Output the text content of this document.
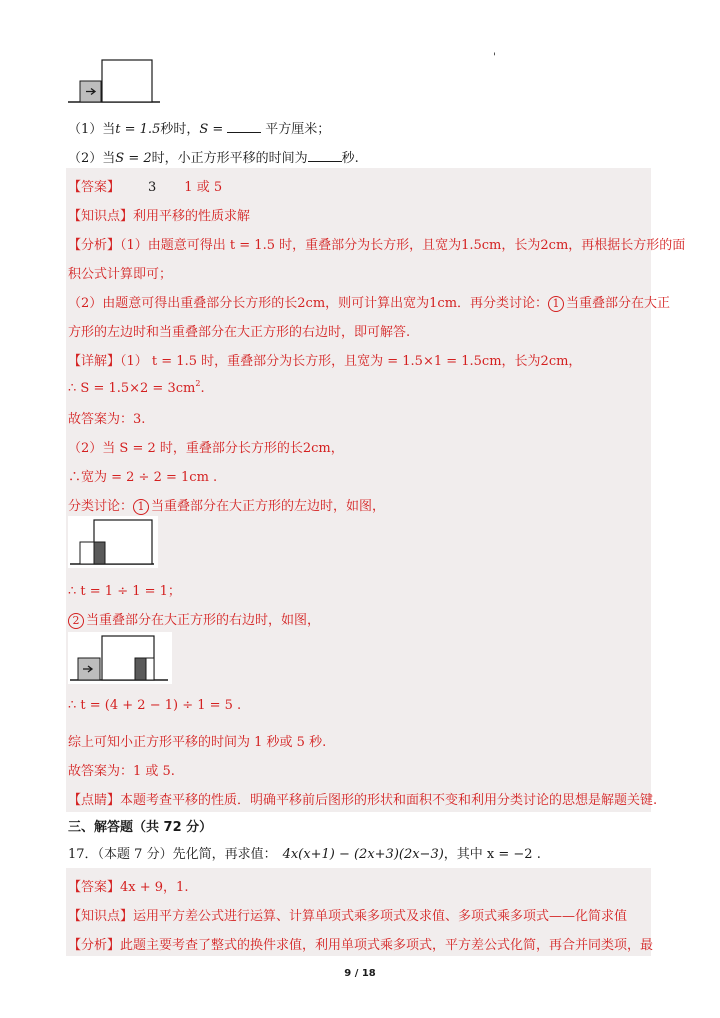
'
（1）当t = 1.5秒时，S =	平方厘米；
（2）当S = 2时，小正方形平移的时间为	秒.
【答案】 3 1 或 5
【知识点】利用平移的性质求解
【分析】（1）由题意可得出 t = 1.5 时，重叠部分为长方形，且宽为1.5cm，长为2cm，再根据长方形的面
积公式计算即可；
（2）由题意可得出重叠部分长方形的长2cm，则可计算出宽为1cm．再分类讨论： 1 当重叠部分在大正
方形的左边时和当重叠部分在大正方形的右边时，即可解答.
【详解】（1） t = 1.5 时，重叠部分为长方形，且宽为 = 1.5×1 = 1.5cm，长为2cm，
∴ $S = 1.5\times 2 = 3cm^2$.
故答案为：3.
（2）当 S = 2 时，重叠部分长方形的长2cm，
∴宽为 = 2 ÷ 2 = 1cm .
分类讨论： 1 当重叠部分在大正方形的左边时，如图，
∴ t = 1 ÷ 1 = 1；
2 当重叠部分在大正方形的右边时，如图，
∴ t = (4 + 2 − 1) ÷ 1 = 5 .
综上可知小正方形平移的时间为 1 秒或 5 秒.
故答案为：1 或 5.
【点睛】本题考查平移的性质．明确平移前后图形的形状和面积不变和利用分类讨论的思想是解题关键.
三、解答题（共 72 分）
17．（本题 7 分）先化简，再求值： 4x(x+1) − (2x+3)(2x−3)，其中 x = −2 .
【答案】4x + 9，1.
【知识点】运用平方差公式进行运算、计算单项式乘多项式及求值、多项式乘多项式——化简求值
【分析】此题主要考查了整式的换件求值，利用单项式乘多项式，平方差公式化简，再合并同类项，最
9 / 18
